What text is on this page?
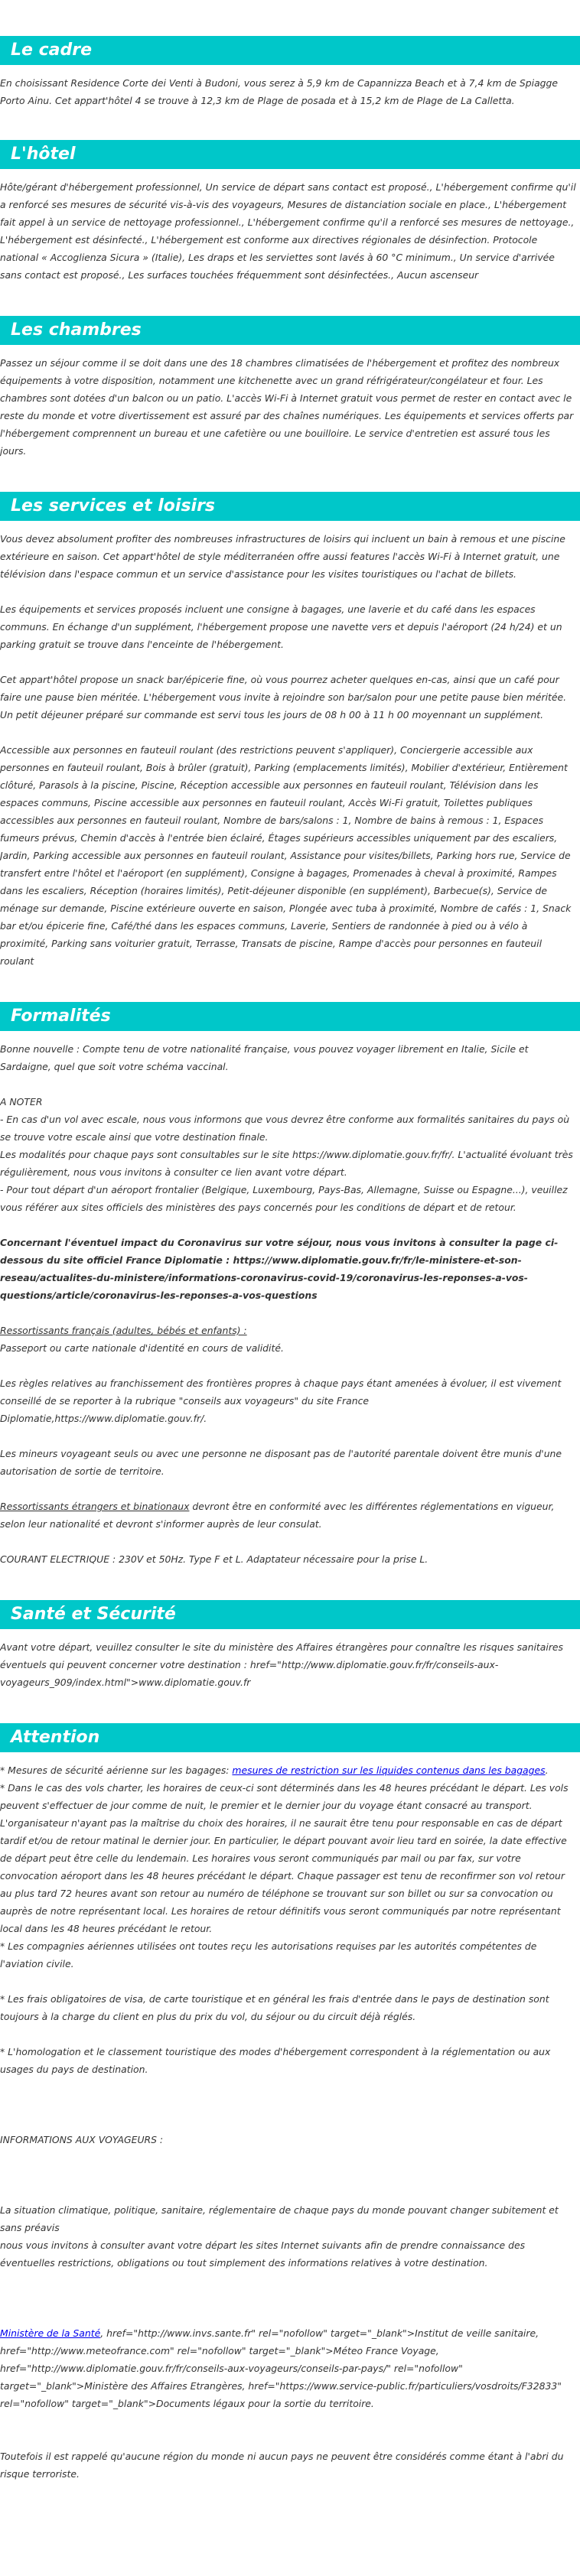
Le cadre
En choisissant Residence Corte dei Venti à Budoni, vous serez à 5,9 km de Capannizza Beach et à 7,4 km de Spiagge Porto Ainu. Cet appart'hôtel 4 se trouve à 12,3 km de Plage de posada et à 15,2 km de Plage de La Calletta.
L'hôtel
Hôte/gérant d'hébergement professionnel, Un service de départ sans contact est proposé., L'hébergement confirme qu'il a renforcé ses mesures de sécurité vis-à-vis des voyageurs, Mesures de distanciation sociale en place., L'hébergement fait appel à un service de nettoyage professionnel., L'hébergement confirme qu'il a renforcé ses mesures de nettoyage., L'hébergement est désinfecté., L'hébergement est conforme aux directives régionales de désinfection. Protocole national « Accoglienza Sicura » (Italie), Les draps et les serviettes sont lavés à 60 °C minimum., Un service d'arrivée sans contact est proposé., Les surfaces touchées fréquemment sont désinfectées., Aucun ascenseur
Les chambres
Passez un séjour comme il se doit dans une des 18 chambres climatisées de l'hébergement et profitez des nombreux équipements à votre disposition, notamment une kitchenette avec un grand réfrigérateur/congélateur et four. Les chambres sont dotées d'un balcon ou un patio. L'accès Wi-Fi à Internet gratuit vous permet de rester en contact avec le reste du monde et votre divertissement est assuré par des chaînes numériques. Les équipements et services offerts par l'hébergement comprennent un bureau et une cafetière ou une bouilloire. Le service d'entretien est assuré tous les jours.
Les services et loisirs

Vous devez absolument profiter des nombreuses infrastructures de loisirs qui incluent un bain à remous et une piscine extérieure en saison. Cet appart'hôtel de style méditerranéen offre aussi features l'accès Wi-Fi à Internet gratuit, une télévision dans l'espace commun et un service d'assistance pour les visites touristiques ou l'achat de billets.

Les équipements et services proposés incluent une consigne à bagages, une laverie et du café dans les espaces communs. En échange d'un supplément, l'hébergement propose une navette vers et depuis l'aéroport (24 h/24) et un parking gratuit se trouve dans l'enceinte de l'hébergement.

Cet appart'hôtel propose un snack bar/épicerie fine, où vous pourrez acheter quelques en-cas, ainsi que un café pour faire une pause bien méritée. L'hébergement vous invite à rejoindre son bar/salon pour une petite pause bien méritée. Un petit déjeuner préparé sur commande est servi tous les jours de 08 h 00 à 11 h 00 moyennant un supplément.

Accessible aux personnes en fauteuil roulant (des restrictions peuvent s'appliquer), Conciergerie accessible aux personnes en fauteuil roulant, Bois à brûler (gratuit), Parking (emplacements limités), Mobilier d'extérieur, Entièrement clôturé, Parasols à la piscine, Piscine, Réception accessible aux personnes en fauteuil roulant, Télévision dans les espaces communs, Piscine accessible aux personnes en fauteuil roulant, Accès Wi-Fi gratuit, Toilettes publiques accessibles aux personnes en fauteuil roulant, Nombre de bars/salons : 1, Nombre de bains à remous : 1, Espaces fumeurs prévus, Chemin d'accès à l'entrée bien éclairé, Étages supérieurs accessibles uniquement par des escaliers, Jardin, Parking accessible aux personnes en fauteuil roulant, Assistance pour visites/billets, Parking hors rue, Service de transfert entre l'hôtel et l'aéroport (en supplément), Consigne à bagages, Promenades à cheval à proximité, Rampes dans les escaliers, Réception (horaires limités), Petit-déjeuner disponible (en supplément), Barbecue(s), Service de ménage sur demande, Piscine extérieure ouverte en saison, Plongée avec tuba à proximité, Nombre de cafés : 1, Snack bar et/ou épicerie fine, Café/thé dans les espaces communs, Laverie, Sentiers de randonnée à pied ou à vélo à proximité, Parking sans voiturier gratuit, Terrasse, Transats de piscine, Rampe d'accès pour personnes en fauteuil roulant

Formalités

Bonne nouvelle : Compte tenu de votre nationalité française, vous pouvez voyager librement en Italie, Sicile et Sardaigne, quel que soit votre schéma vaccinal.

A NOTER

- En cas d'un vol avec escale, nous vous informons que vous devrez être conforme aux formalités sanitaires du pays où se trouve votre escale ainsi que votre destination finale.

Les modalités pour chaque pays sont consultables sur le site https://www.diplomatie.gouv.fr/fr/. L'actualité évoluant très régulièrement, nous vous invitons à consulter ce lien avant votre départ.

- Pour tout départ d'un aéroport frontalier (Belgique, Luxembourg, Pays-Bas, Allemagne, Suisse ou Espagne...), veuillez vous référer aux sites officiels des ministères des pays concernés pour les conditions de départ et de retour.

Concernant l'éventuel impact du Coronavirus sur votre séjour, nous vous invitons à consulter la page ci-dessous du site officiel France Diplomatie : https://www.diplomatie.gouv.fr/fr/le-ministere-et-son-reseau/actualites-du-ministere/informations-coronavirus-covid-19/coronavirus-les-reponses-a-vos-questions/article/coronavirus-les-reponses-a-vos-questions

Ressortissants français (adultes, bébés et enfants) :

Passeport ou carte nationale d'identité en cours de validité.

Les règles relatives au franchissement des frontières propres à chaque pays étant amenées à évoluer, il est vivement conseillé de se reporter à la rubrique "conseils aux voyageurs" du site France Diplomatie,https://www.diplomatie.gouv.fr/.

Les mineurs voyageant seuls ou avec une personne ne disposant pas de l'autorité parentale doivent être munis d'une autorisation de sortie de territoire.

Ressortissants étrangers et binationaux devront être en conformité avec les différentes réglementations en vigueur, selon leur nationalité et devront s'informer auprès de leur consulat.

COURANT ELECTRIQUE : 230V et 50Hz. Type F et L. Adaptateur nécessaire pour la prise L.

Santé et Sécurité
Avant votre départ, veuillez consulter le site du ministère des Affaires étrangères pour connaître les risques sanitaires éventuels qui peuvent concerner votre destination : href="http://www.diplomatie.gouv.fr/fr/conseils-aux-voyageurs_909/index.html">www.diplomatie.gouv.fr
Attention

* Mesures de sécurité aérienne sur les bagages: mesures de restriction sur les liquides contenus dans les bagages.

* Dans le cas des vols charter, les horaires de ceux-ci sont déterminés dans les 48 heures précédant le départ. Les vols peuvent s'effectuer de jour comme de nuit, le premier et le dernier jour du voyage étant consacré au transport. L'organisateur n'ayant pas la maîtrise du choix des horaires, il ne saurait être tenu pour responsable en cas de départ tardif et/ou de retour matinal le dernier jour. En particulier, le départ pouvant avoir lieu tard en soirée, la date effective de départ peut être celle du lendemain. Les horaires vous seront communiqués par mail ou par fax, sur votre convocation aéroport dans les 48 heures précédant le départ. Chaque passager est tenu de reconfirmer son vol retour au plus tard 72 heures avant son retour au numéro de téléphone se trouvant sur son billet ou sur sa convocation ou auprès de notre représentant local. Les horaires de retour définitifs vous seront communiqués par notre représentant local dans les 48 heures précédant le retour.

* Les compagnies aériennes utilisées ont toutes reçu les autorisations requises par les autorités compétentes de l'aviation civile.

* Les frais obligatoires de visa, de carte touristique et en général les frais d'entrée dans le pays de destination sont toujours à la charge du client en plus du prix du vol, du séjour ou du circuit déjà réglés.

* L'homologation et le classement touristique des modes d'hébergement correspondent à la réglementation ou aux usages du pays de destination.

INFORMATIONS AUX VOYAGEURS :

La situation climatique, politique, sanitaire, réglementaire de chaque pays du monde pouvant changer subitement et sans préavis

nous vous invitons à consulter avant votre départ les sites Internet suivants afin de prendre connaissance des éventuelles restrictions, obligations ou tout simplement des informations relatives à votre destination.

Ministère de la Santé, href="http://www.invs.sante.fr" rel="nofollow" target="_blank">Institut de veille sanitaire, href="http://www.meteofrance.com" rel="nofollow" target="_blank">Méteo France Voyage, href="http://www.diplomatie.gouv.fr/fr/conseils-aux-voyageurs/conseils-par-pays/" rel="nofollow" target="_blank">Ministère des Affaires Etrangères, href="https://www.service-public.fr/particuliers/vosdroits/F32833" rel="nofollow" target="_blank">Documents légaux pour la sortie du territoire.

Toutefois il est rappelé qu'aucune région du monde ni aucun pays ne peuvent être considérés comme étant à l'abri du risque terroriste.
